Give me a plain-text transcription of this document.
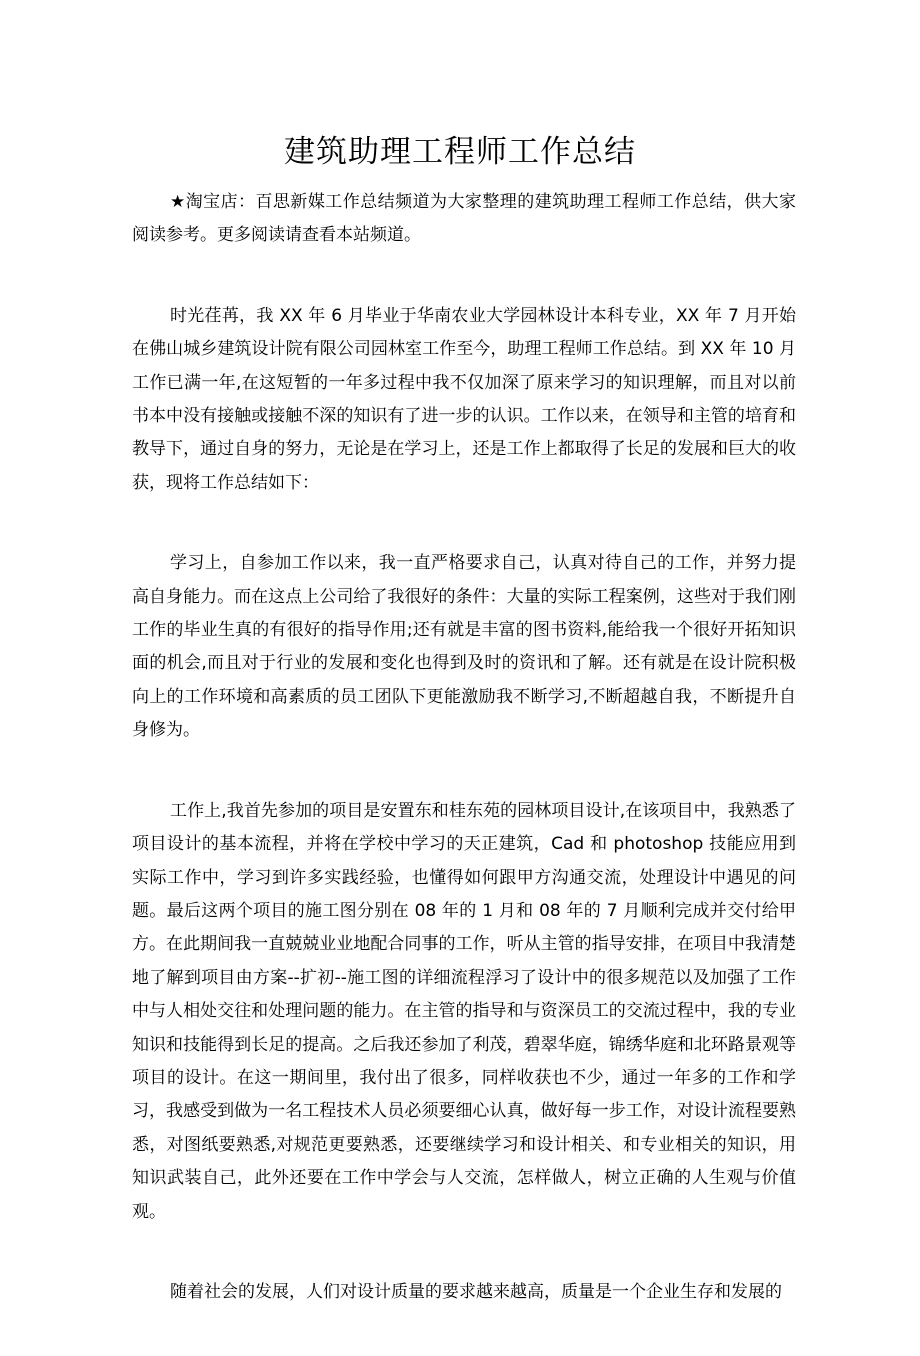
建筑助理工程师工作总结

★淘宝店：百思新媒工作总结频道为大家整理的建筑助理工程师工作总结，供大家阅读参考。更多阅读请查看本站频道。

时光荏苒，我 XX 年 6 月毕业于华南农业大学园林设计本科专业，XX 年 7 月开始在佛山城乡建筑设计院有限公司园林室工作至今，助理工程师工作总结。到 XX 年 10 月工作已满一年,在这短暂的一年多过程中我不仅加深了原来学习的知识理解，而且对以前书本中没有接触或接触不深的知识有了进一步的认识。工作以来，在领导和主管的培育和教导下，通过自身的努力，无论是在学习上，还是工作上都取得了长足的发展和巨大的收获，现将工作总结如下：

学习上，自参加工作以来，我一直严格要求自己，认真对待自己的工作，并努力提高自身能力。而在这点上公司给了我很好的条件：大量的实际工程案例，这些对于我们刚工作的毕业生真的有很好的指导作用;还有就是丰富的图书资料,能给我一个很好开拓知识面的机会,而且对于行业的发展和变化也得到及时的资讯和了解。还有就是在设计院积极向上的工作环境和高素质的员工团队下更能激励我不断学习,不断超越自我，不断提升自身修为。

工作上,我首先参加的项目是安置东和桂东苑的园林项目设计,在该项目中，我熟悉了项目设计的基本流程，并将在学校中学习的天正建筑，Cad 和 photoshop 技能应用到实际工作中，学习到许多实践经验，也懂得如何跟甲方沟通交流，处理设计中遇见的问题。最后这两个项目的施工图分别在 08 年的 1 月和 08 年的 7 月顺利完成并交付给甲方。在此期间我一直兢兢业业地配合同事的工作，听从主管的指导安排，在项目中我清楚地了解到项目由方案--扩初--施工图的详细流程浮习了设计中的很多规范以及加强了工作中与人相处交往和处理问题的能力。在主管的指导和与资深员工的交流过程中，我的专业知识和技能得到长足的提高。之后我还参加了利茂，碧翠华庭，锦绣华庭和北环路景观等项目的设计。在这一期间里，我付出了很多，同样收获也不少，通过一年多的工作和学习，我感受到做为一名工程技术人员必须要细心认真，做好每一步工作，对设计流程要熟悉，对图纸要熟悉,对规范更要熟悉，还要继续学习和设计相关、和专业相关的知识，用知识武装自己，此外还要在工作中学会与人交流，怎样做人，树立正确的人生观与价值观。

随着社会的发展，人们对设计质量的要求越来越高，质量是一个企业生存和发展的
